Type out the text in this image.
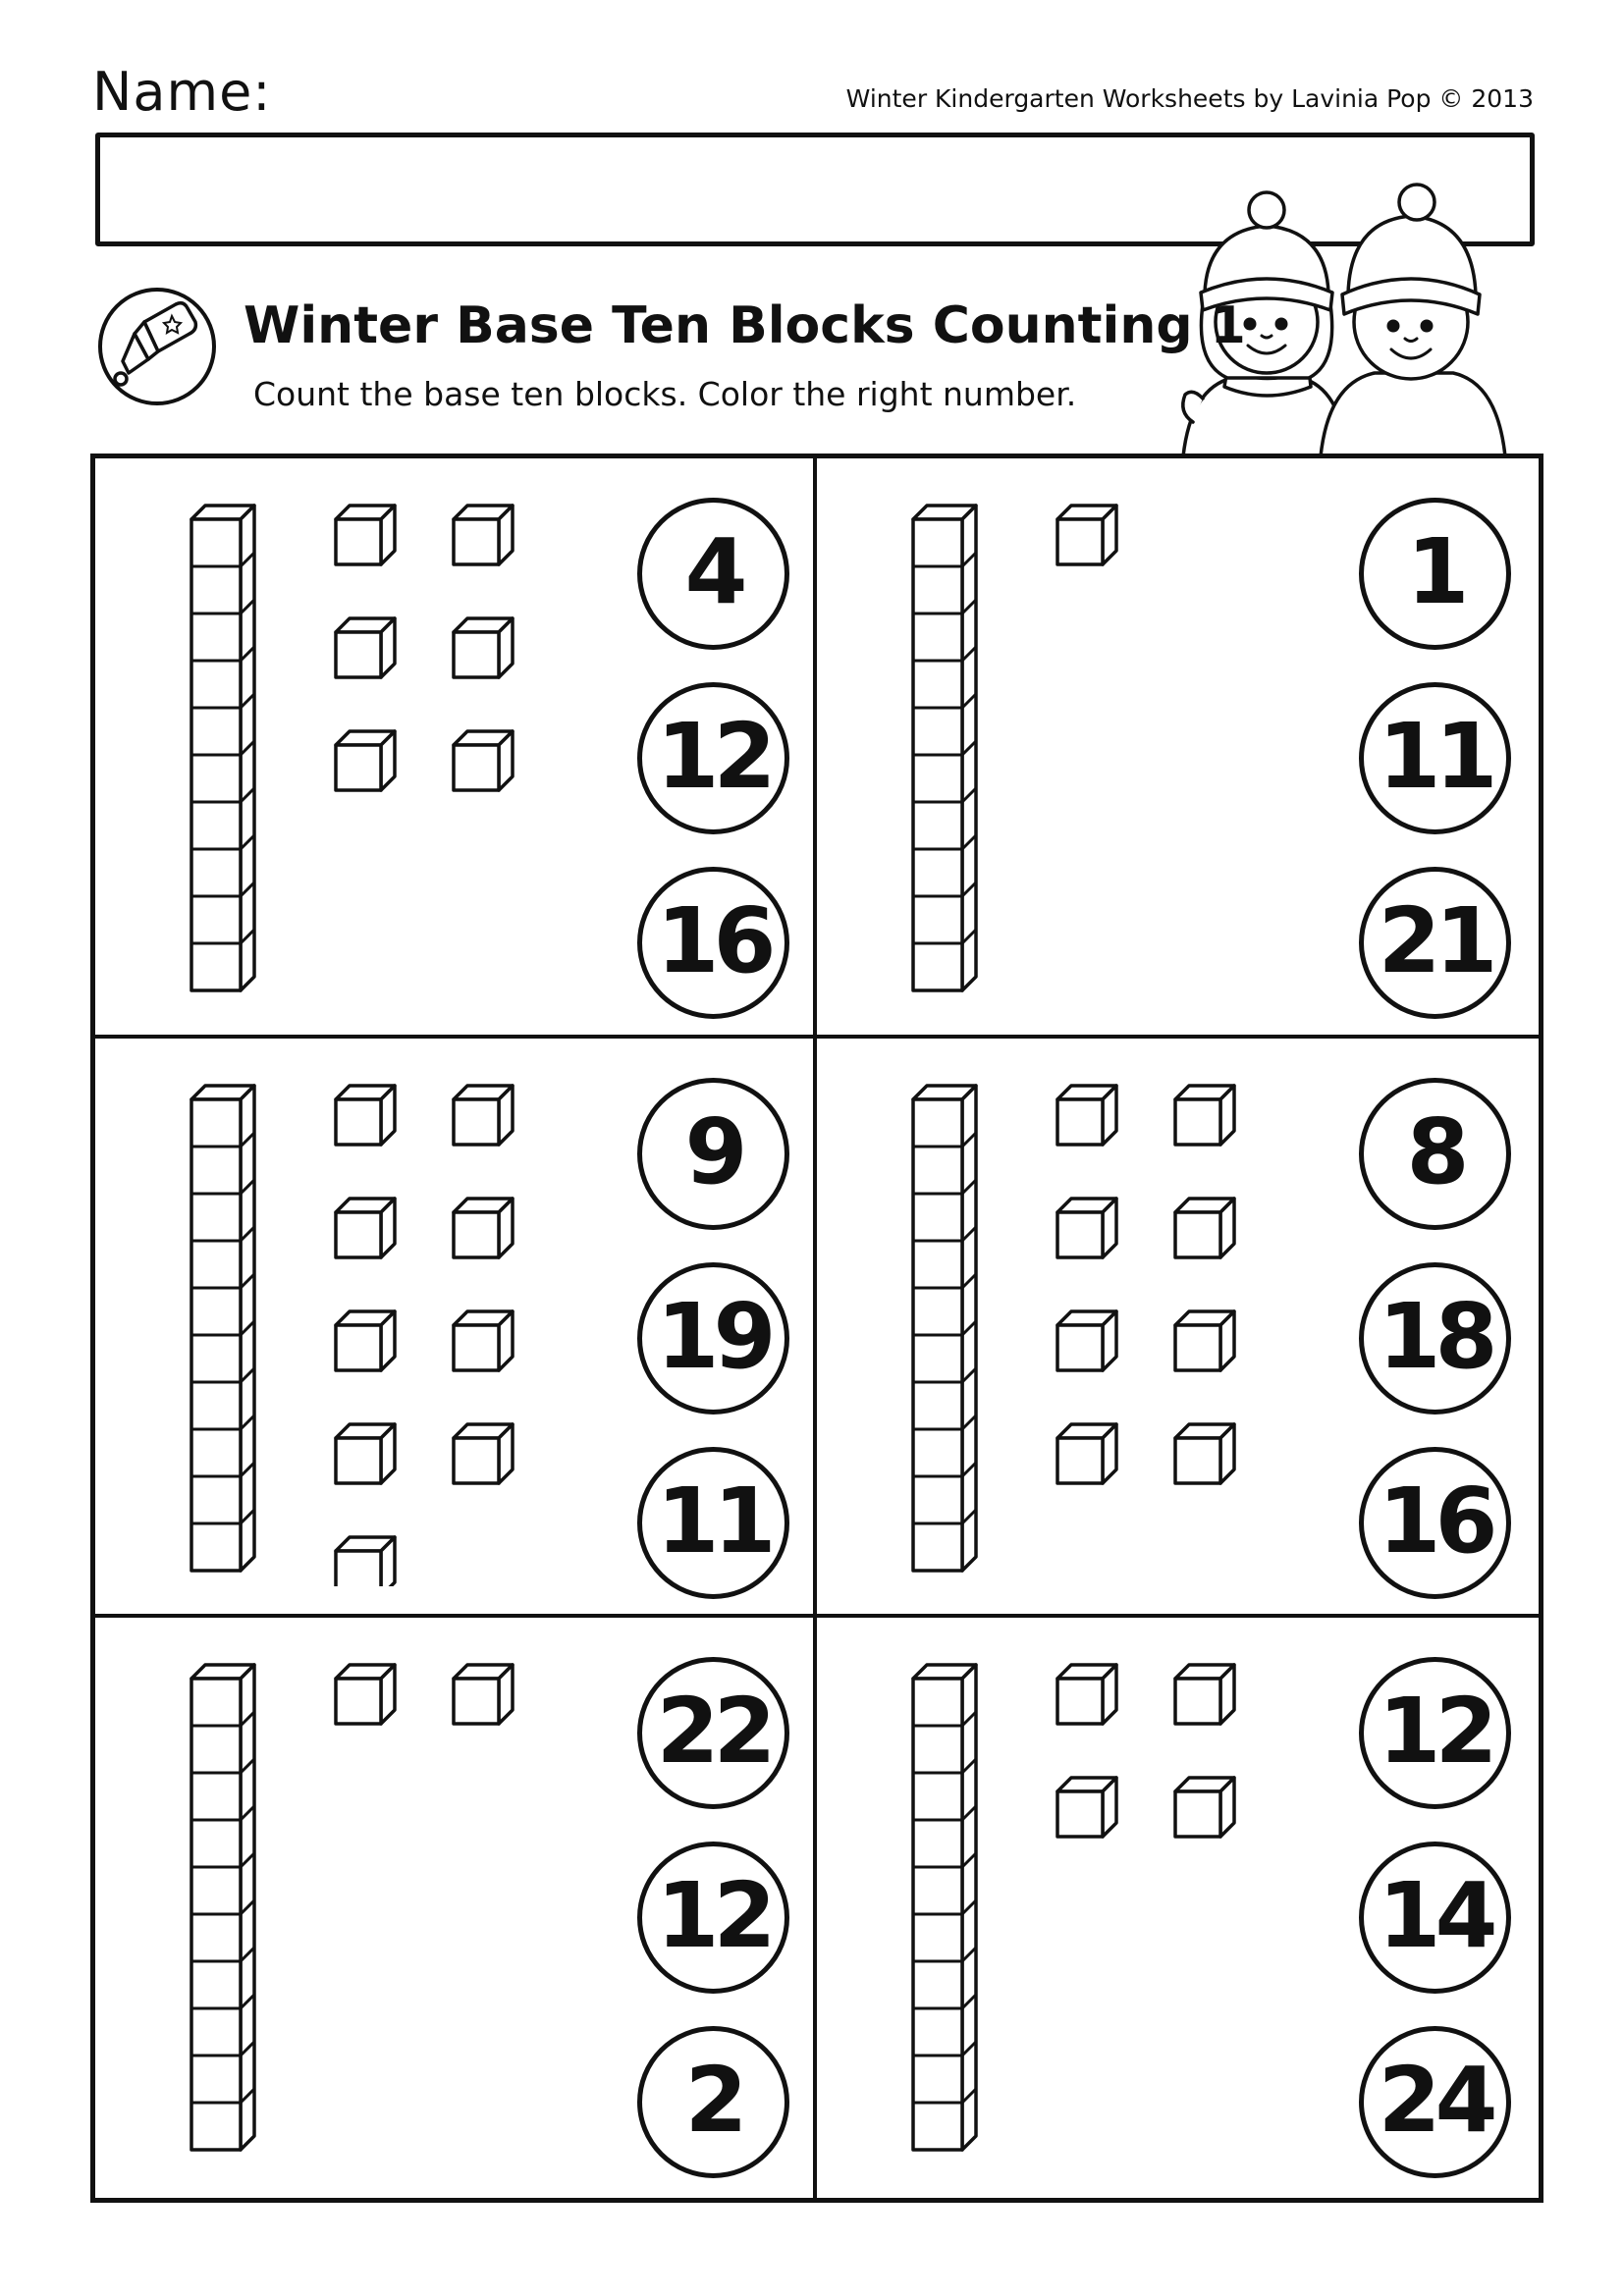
Name:	Winter Kindergarten Worksheets by Lavinia Pop © 2013
Winter Base Ten Blocks Counting 1
Count the base ten blocks. Color the right number.
4
12
16
1
11
21
9
19
11
8
18
16
22
12
2
12
14
24
